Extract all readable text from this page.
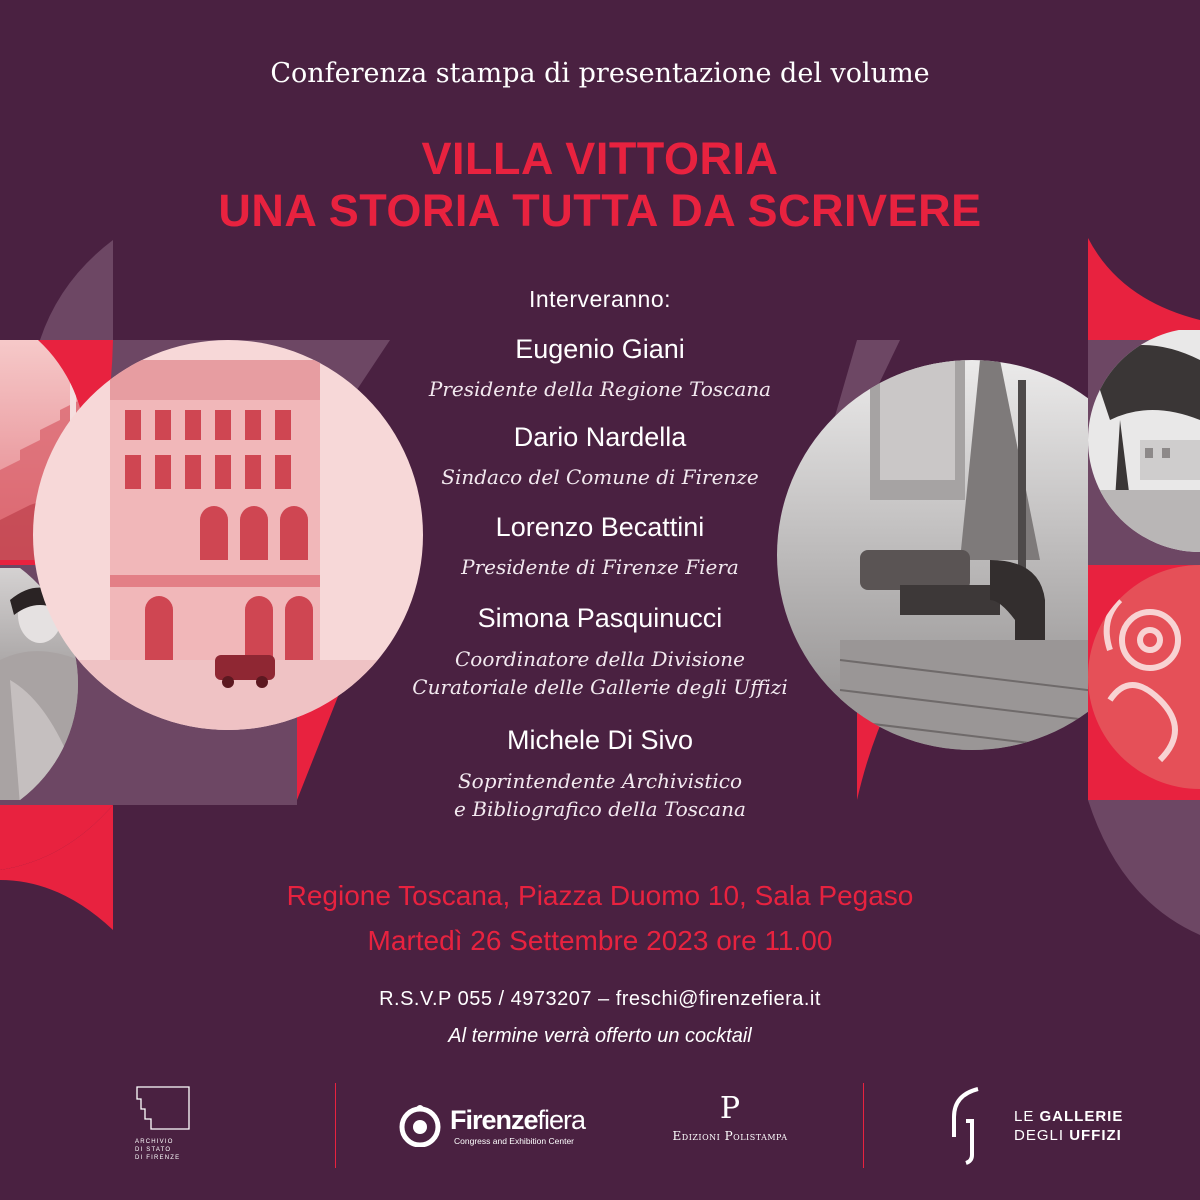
Conferenza stampa di presentazione del volume
VILLA VITTORIA
UNA STORIA TUTTA DA SCRIVERE
Interveranno:
Eugenio Giani
Presidente della Regione Toscana
Dario Nardella
Sindaco del Comune di Firenze
Lorenzo Becattini
Presidente di Firenze Fiera
Simona Pasquinucci
Coordinatore della Divisione
Curatoriale delle Gallerie degli Uffizi
Michele Di Sivo
Soprintendente Archivistico
e Bibliografico della Toscana
Regione Toscana, Piazza Duomo 10, Sala Pegaso
Martedì 26 Settembre 2023 ore 11.00
R.S.V.P 055 / 4973207 – freschi@firenzefiera.it
Al termine verrà offerto un cocktail
ARCHIVIO
DI STATO
DI FIRENZE
Firenzefiera
Congress and Exhibition Center
P
Edizioni Polistampa
LE GALLERIE
DEGLI UFFIZI
